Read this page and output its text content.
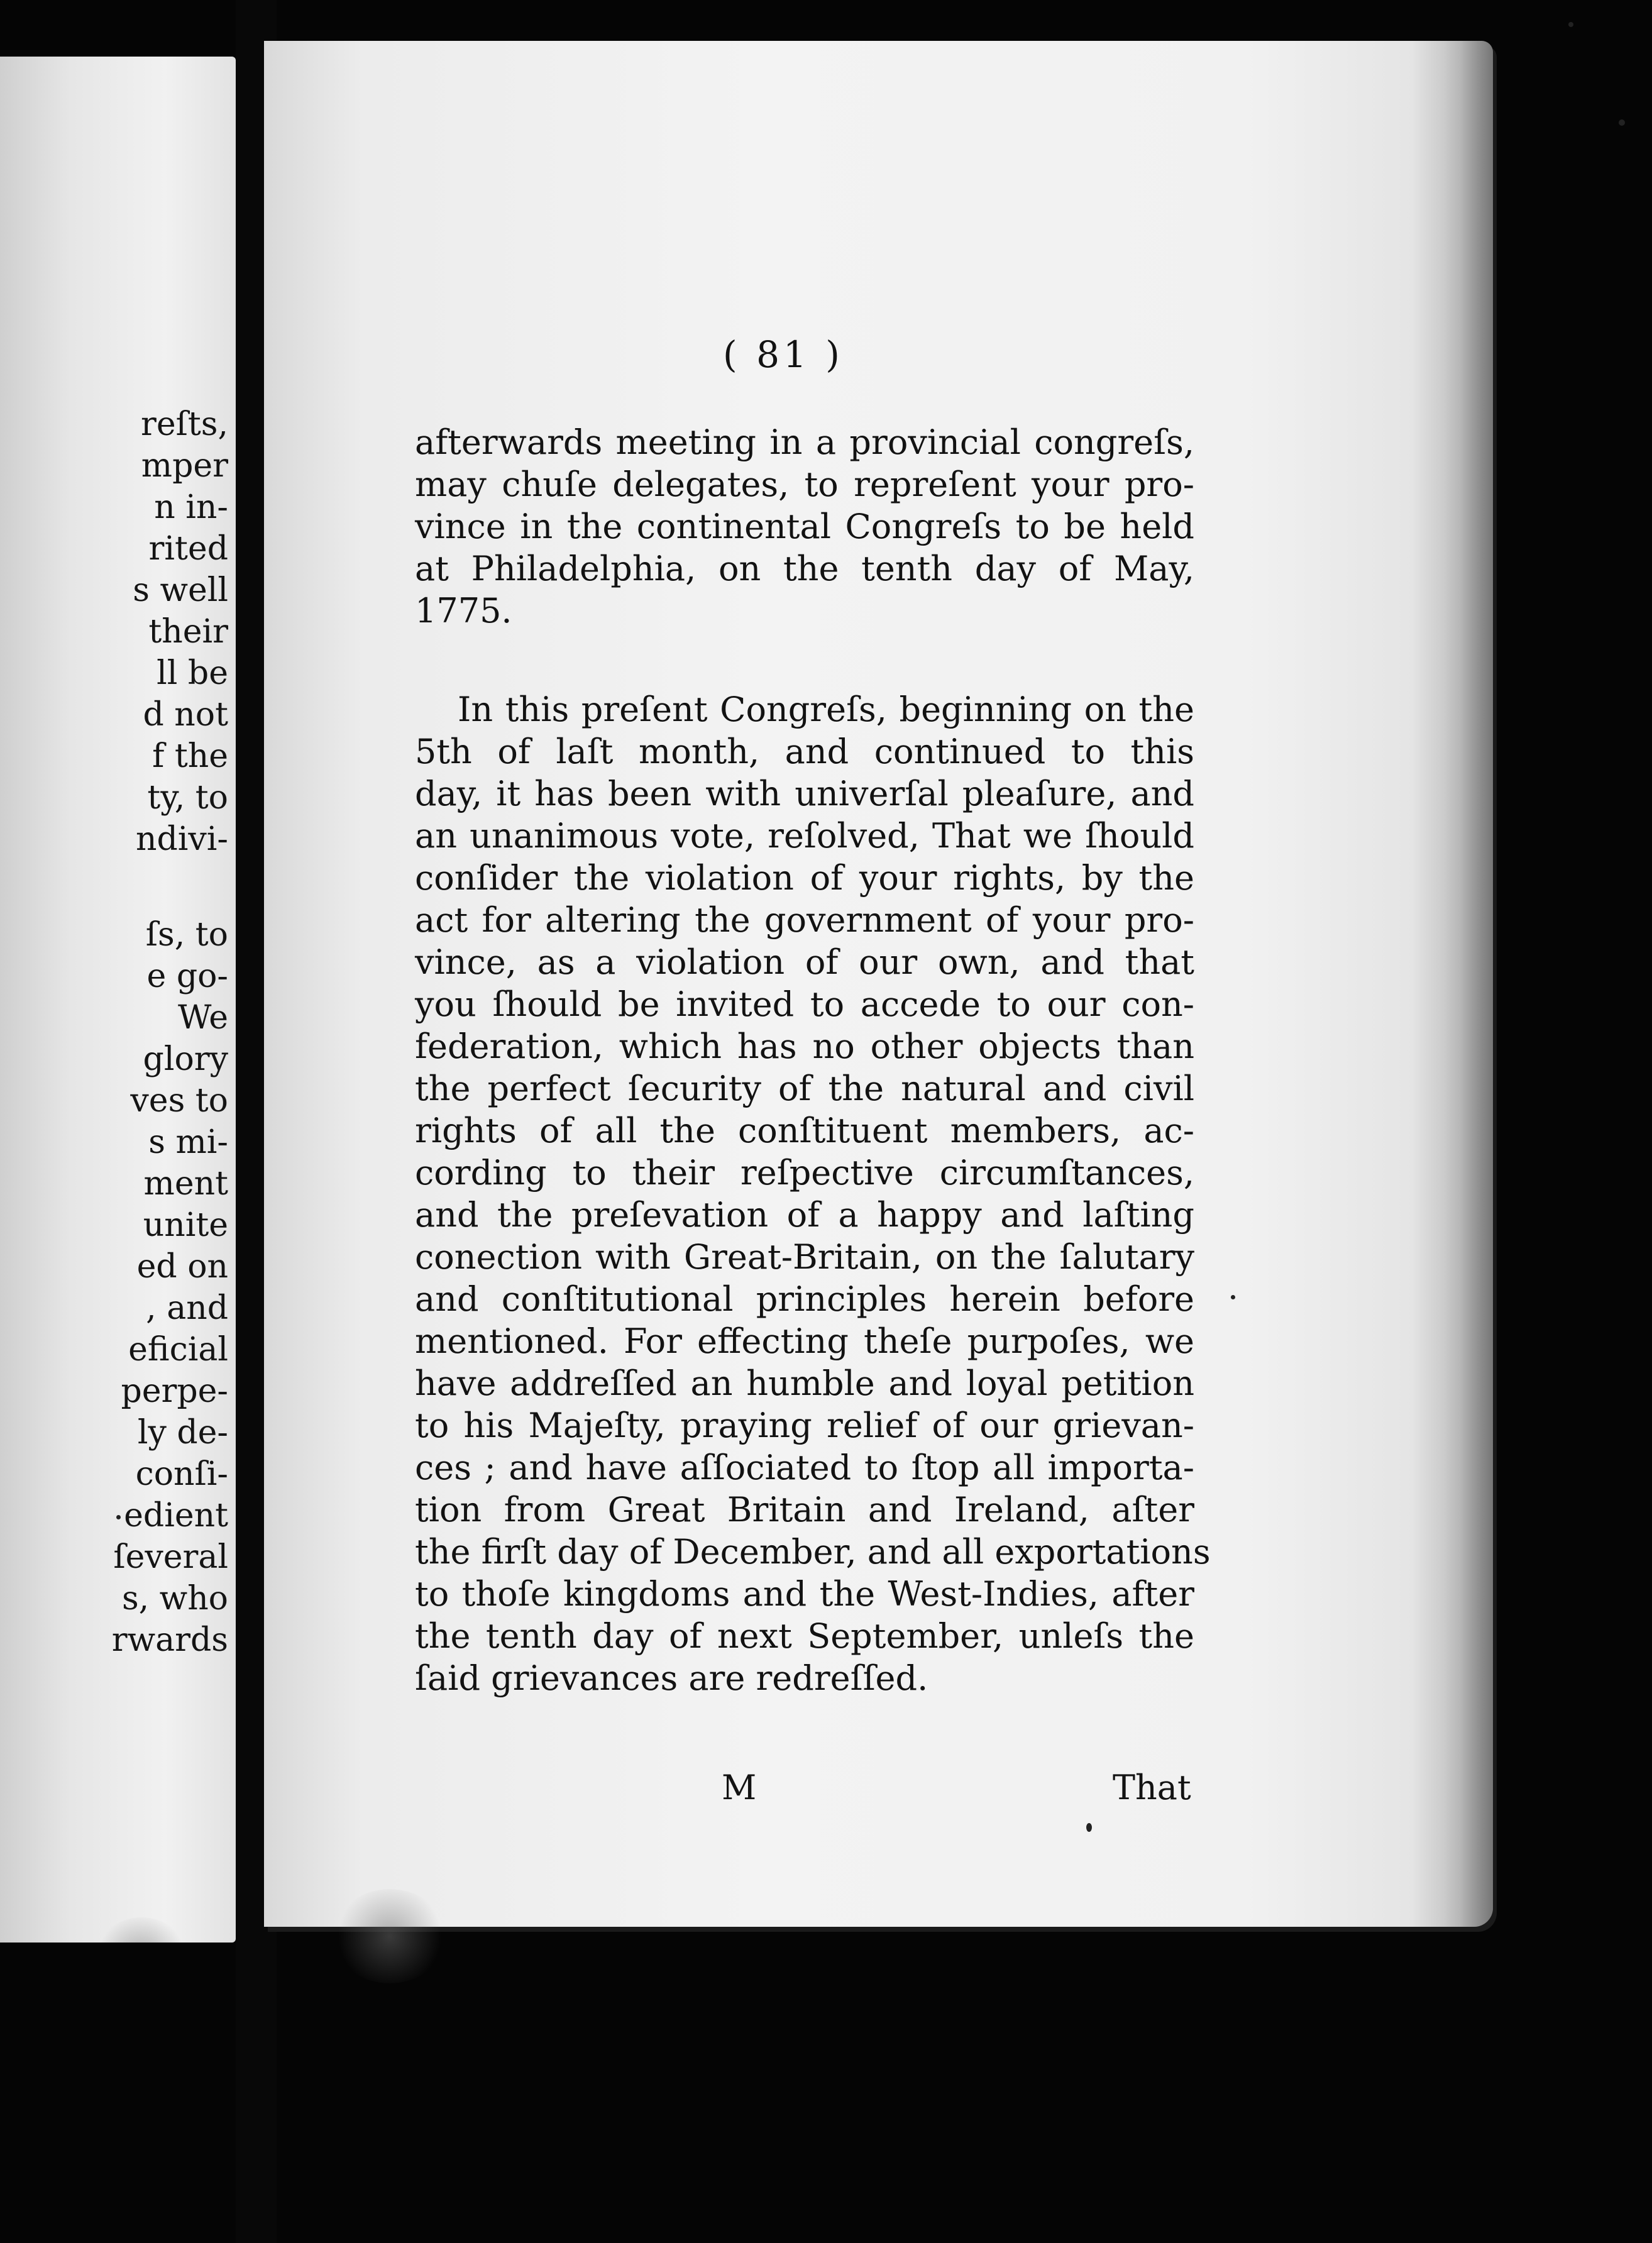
reſts,
mper
n in-
rited
s well
their
ll be
d not
f the
ty, to
ndivi-
ſs, to
e go-
We
glory
ves to
s mi-
ment
unite
ed on
, and
eficial
perpe-
ly de-
conſi-
edient
ſeveral
s, who
rwards
( 81 )
afterwards meeting in a provincial congreſs,
may chuſe delegates, to repreſent your pro-
vince in the continental Congreſs to be held
at Philadelphia, on the tenth day of May,
1775.
In this preſent Congreſs, beginning on the
5th of laſt month, and continued to this
day, it has been with univerſal pleaſure, and
an unanimous vote, reſolved, That we ſhould
conſider the violation of your rights, by the
act for altering the government of your pro-
vince, as a violation of our own, and that
you ſhould be invited to accede to our con-
federation, which has no other objects than
the perfect ſecurity of the natural and civil
rights of all the conſtituent members, ac-
cording to their reſpective circumſtances,
and the preſevation of a happy and laſting
conection with Great-Britain, on the ſalutary
and conſtitutional principles herein before
mentioned. For effecting theſe purpoſes, we
have addreſſed an humble and loyal petition
to his Majeſty, praying relief of our grievan-
ces ; and have aſſociated to ſtop all importa-
tion from Great Britain and Ireland, aſter
the firſt day of December, and all exportations
to thoſe kingdoms and the West-Indies, after
the tenth day of next September, unleſs the
ſaid grievances are redreſſed.
M	That
